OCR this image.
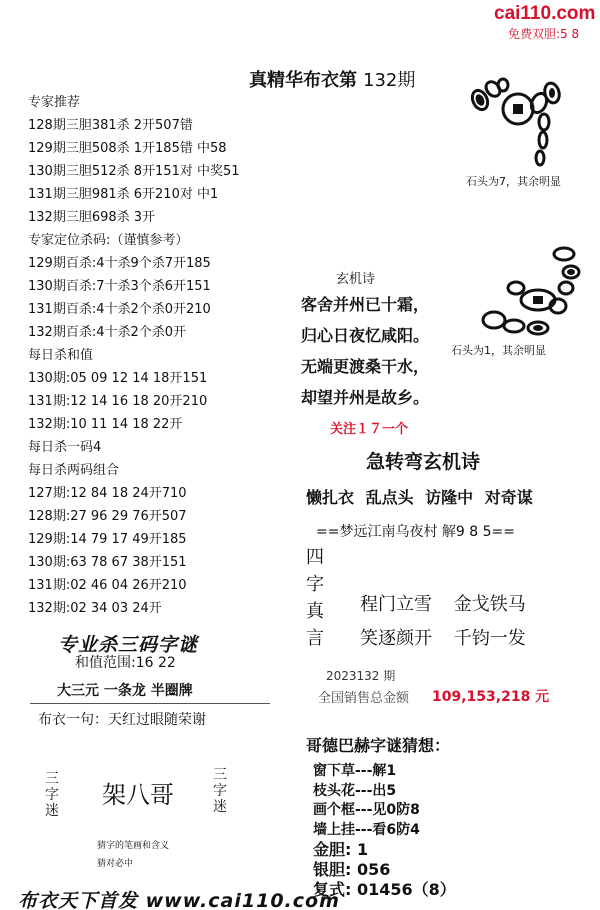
cai110.com
免费双胆:5 8
真精华布衣第 132期
专家推荐
128期三胆381杀 2开507错
129期三胆508杀 1开185错 中58
130期三胆512杀 8开151对 中奖51
131期三胆981杀 6开210对 中1
132期三胆698杀 3开
专家定位杀码:（谨慎参考）
129期百杀:4十杀9个杀7开185
130期百杀:7十杀3个杀6开151
131期百杀:4十杀2个杀0开210
132期百杀:4十杀2个杀0开
每日杀和值
130期:05 09 12 14 18开151
131期:12 14 16 18 20开210
132期:10 11 14 18 22开
每日杀一码4
每日杀两码组合
127期:12 84 18 24开710
128期:27 96 29 76开507
129期:14 79 17 49开185
130期:63 78 67 38开151
131期:02 46 04 26开210
132期:02 34 03 24开
专业杀三码字谜
和值范围:16 22
大三元 一条龙 半圈牌
布衣一句：天红过眼随荣谢
三字迷
架八哥
三字迷
猜字的笔画和含义
猜对必中
布衣天下首发 www.cai110.com
石头为7，其余明显
石头为1，其余明显
玄机诗
客舍并州已十霜，
归心日夜忆咸阳。
无端更渡桑干水，
却望并州是故乡。
关注１７一个
急转弯玄机诗
懒扎衣 乱点头 访隆中 对奇谋
==梦远江南乌夜村 解9 8 5==
四字真言
程门立雪 金戈铁马
笑逐颜开 千钧一发
2023132 期
全国销售总金额 109,153,218 元
哥德巴赫字谜猜想：
窗下草---解1
枝头花---出5
画个框---见0防8
墙上挂---看6防4
金胆: 1
银胆: 056
复式: 01456（8）
